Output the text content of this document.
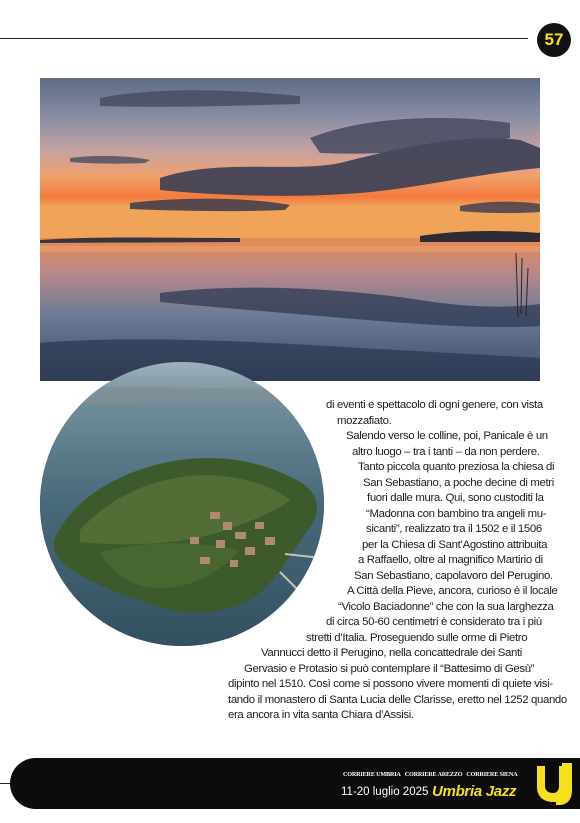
57
di eventi e spettacolo di ogni genere, con vista
mozzafiato.
Salendo verso le colline, poi, Panicale è un
altro luogo – tra i tanti – da non perdere.
Tanto piccola quanto preziosa la chiesa di
San Sebastiano, a poche decine di metri
fuori dalle mura. Qui, sono custoditi la
“Madonna con bambino tra angeli mu-
sicanti”, realizzato tra il 1502 e il 1506
per la Chiesa di Sant’Agostino attribuita
a Raffaello, oltre al magnifico Martirio di
San Sebastiano, capolavoro del Perugino.
A Città della Pieve, ancora, curioso è il locale
“Vicolo Baciadonne” che con la sua larghezza
di circa 50-60 centimetri è considerato tra i più
stretti d’Italia. Proseguendo sulle orme di Pietro
Vannucci detto il Perugino, nella concattedrale dei Santi
Gervasio e Protasio si può contemplare il “Battesimo di Gesù”
dipinto nel 1510. Così come si possono vivere momenti di quiete visi-
tando il monastero di Santa Lucia delle Clarisse, eretto nel 1252 quando
era ancora in vita santa Chiara d’Assisi.
CORRIERE UMBRIA CORRIERE AREZZO CORRIERE SIENA
11-20 luglio 2025 Umbria Jazz
